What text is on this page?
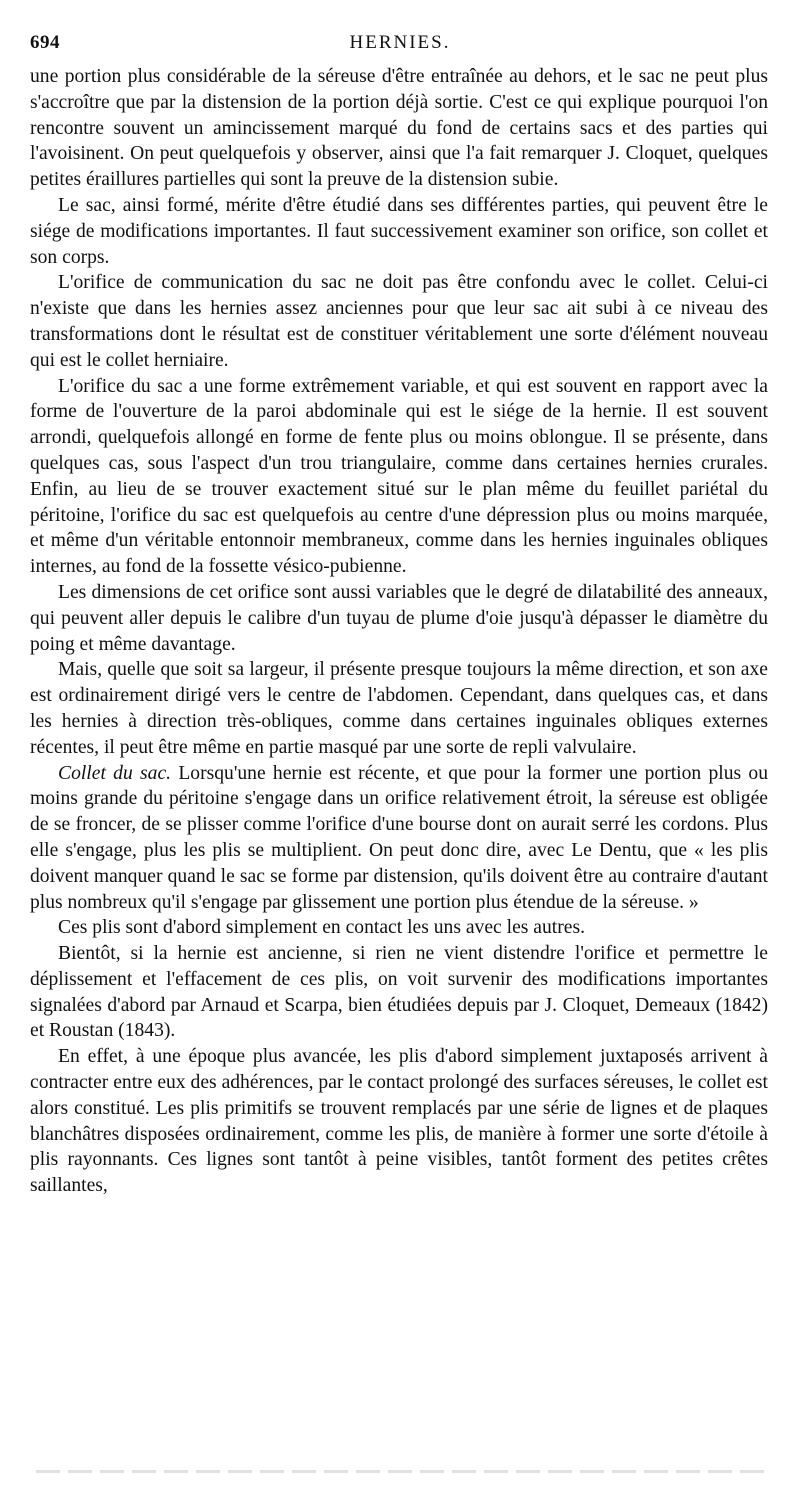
694	HERNIES.

une portion plus considérable de la séreuse d'être entraînée au dehors, et le sac ne peut plus s'accroître que par la distension de la portion déjà sortie. C'est ce qui explique pourquoi l'on rencontre souvent un amincissement marqué du fond de certains sacs et des parties qui l'avoisinent. On peut quelquefois y observer, ainsi que l'a fait remarquer J. Cloquet, quelques petites éraillures partielles qui sont la preuve de la distension subie.

Le sac, ainsi formé, mérite d'être étudié dans ses différentes parties, qui peuvent être le siége de modifications importantes. Il faut successivement examiner son orifice, son collet et son corps.

L'orifice de communication du sac ne doit pas être confondu avec le collet. Celui-ci n'existe que dans les hernies assez anciennes pour que leur sac ait subi à ce niveau des transformations dont le résultat est de constituer véritablement une sorte d'élément nouveau qui est le collet herniaire.

L'orifice du sac a une forme extrêmement variable, et qui est souvent en rapport avec la forme de l'ouverture de la paroi abdominale qui est le siége de la hernie. Il est souvent arrondi, quelquefois allongé en forme de fente plus ou moins oblongue. Il se présente, dans quelques cas, sous l'aspect d'un trou triangulaire, comme dans certaines hernies crurales. Enfin, au lieu de se trouver exactement situé sur le plan même du feuillet pariétal du péritoine, l'orifice du sac est quelquefois au centre d'une dépression plus ou moins marquée, et même d'un véritable entonnoir membraneux, comme dans les hernies inguinales obliques internes, au fond de la fossette vésico-pubienne.

Les dimensions de cet orifice sont aussi variables que le degré de dilatabilité des anneaux, qui peuvent aller depuis le calibre d'un tuyau de plume d'oie jusqu'à dépasser le diamètre du poing et même davantage.

Mais, quelle que soit sa largeur, il présente presque toujours la même direction, et son axe est ordinairement dirigé vers le centre de l'abdomen. Cependant, dans quelques cas, et dans les hernies à direction très-obliques, comme dans certaines inguinales obliques externes récentes, il peut être même en partie masqué par une sorte de repli valvulaire.

Collet du sac. Lorsqu'une hernie est récente, et que pour la former une portion plus ou moins grande du péritoine s'engage dans un orifice relativement étroit, la séreuse est obligée de se froncer, de se plisser comme l'orifice d'une bourse dont on aurait serré les cordons. Plus elle s'engage, plus les plis se multiplient. On peut donc dire, avec Le Dentu, que « les plis doivent manquer quand le sac se forme par distension, qu'ils doivent être au contraire d'autant plus nombreux qu'il s'engage par glissement une portion plus étendue de la séreuse. »

Ces plis sont d'abord simplement en contact les uns avec les autres.

Bientôt, si la hernie est ancienne, si rien ne vient distendre l'orifice et permettre le déplissement et l'effacement de ces plis, on voit survenir des modifications importantes signalées d'abord par Arnaud et Scarpa, bien étudiées depuis par J. Cloquet, Demeaux (1842) et Roustan (1843).

En effet, à une époque plus avancée, les plis d'abord simplement juxtaposés arrivent à contracter entre eux des adhérences, par le contact prolongé des surfaces séreuses, le collet est alors constitué. Les plis primitifs se trouvent remplacés par une série de lignes et de plaques blanchâtres disposées ordinairement, comme les plis, de manière à former une sorte d'étoile à plis rayonnants. Ces lignes sont tantôt à peine visibles, tantôt forment des petites crêtes saillantes,
